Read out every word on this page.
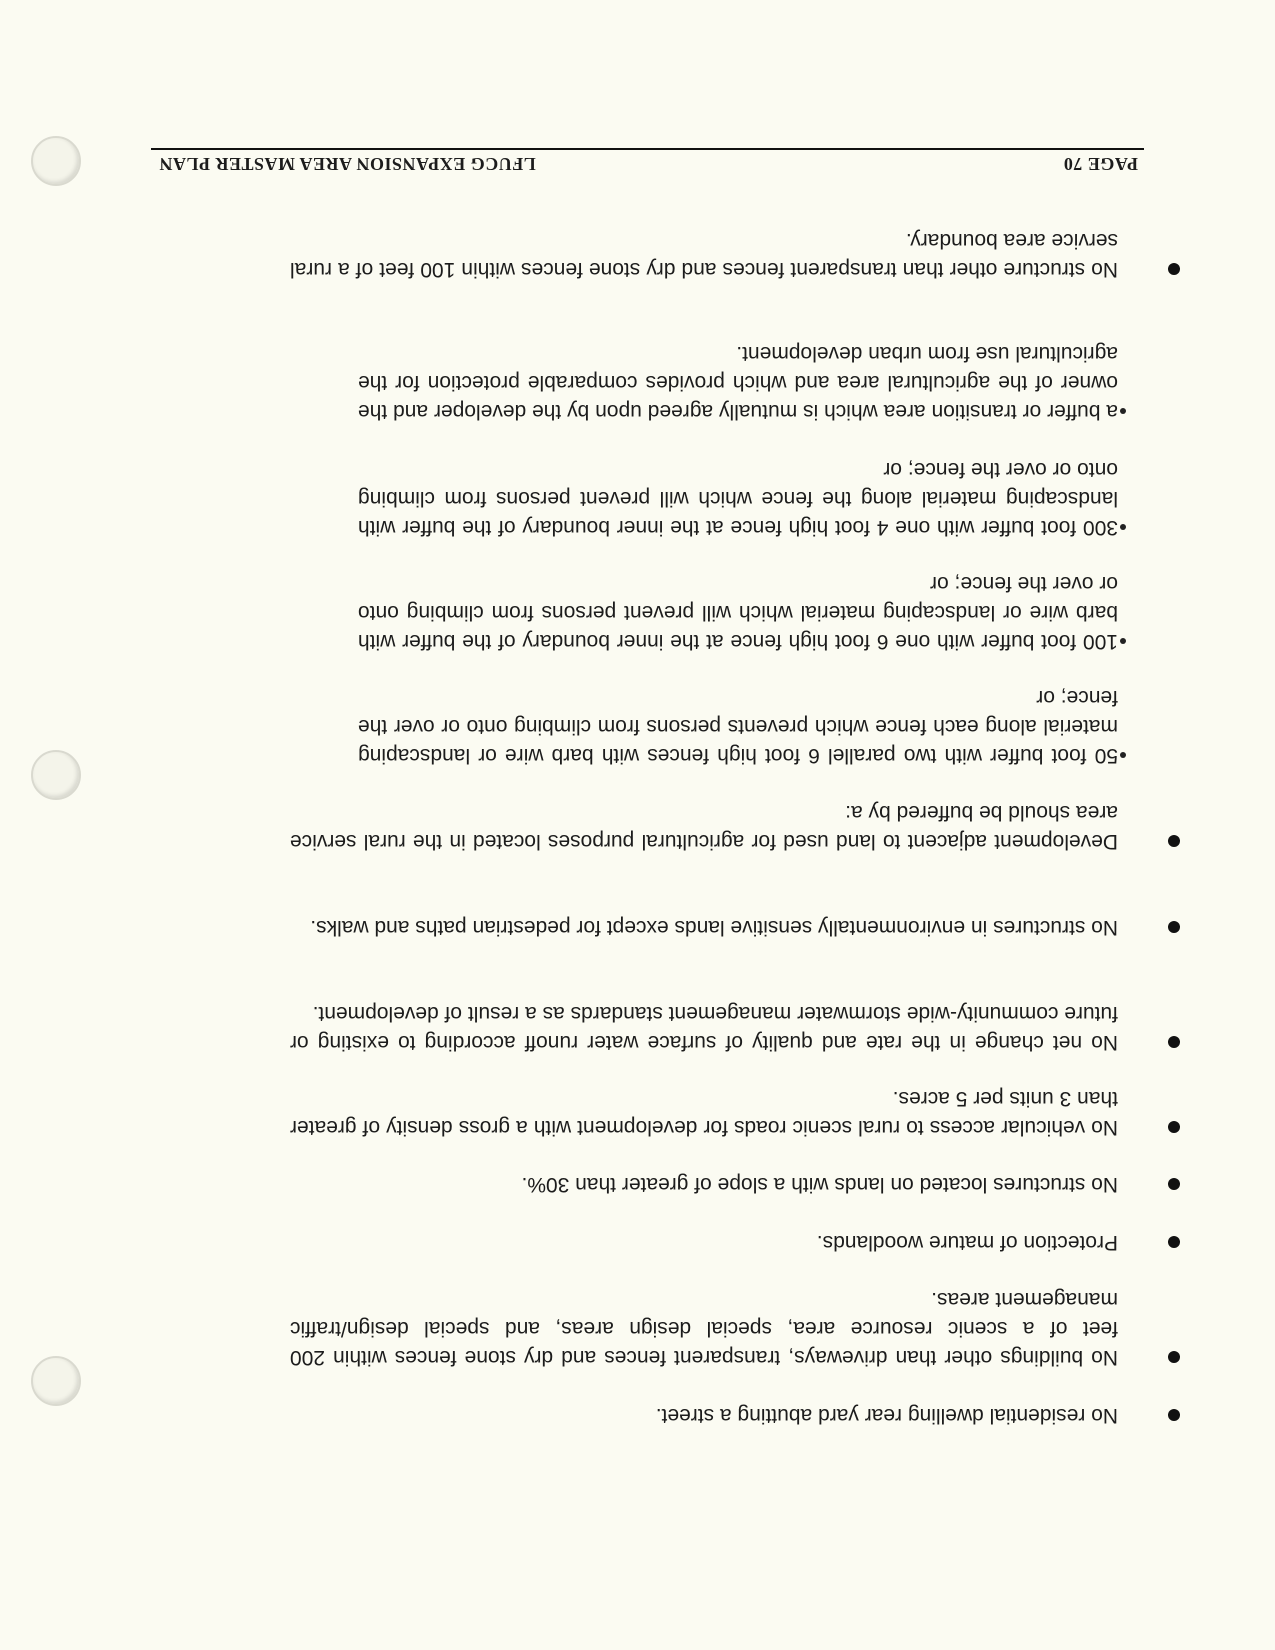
PAGE 70
LFUCG EXPANSION AREA MASTER PLAN
No residential dwelling rear yard abutting a street.
No buildings other than driveways, transparent fences and dry stone fences within 200 feet of a scenic resource area, special design areas, and special design/traffic management areas.
Protection of mature woodlands.
No structures located on lands with a slope of greater than 30%.
No vehicular access to rural scenic roads for development with a gross density of greater than 3 units per 5 acres.
No net change in the rate and quality of surface water runoff according to existing or future community-wide stormwater management standards as a result of development.
No structures in environmentally sensitive lands except for pedestrian paths and walks.
Development adjacent to land used for agricultural purposes located in the rural service area should be buffered by a:
50 foot buffer with two parallel 6 foot high fences with barb wire or landscaping material along each fence which prevents persons from climbing onto or over the fence; or
100 foot buffer with one 6 foot high fence at the inner boundary of the buffer with barb wire or landscaping material which will prevent persons from climbing onto or over the fence; or
300 foot buffer with one 4 foot high fence at the inner boundary of the buffer with landscaping material along the fence which will prevent persons from climbing onto or over the fence; or
a buffer or transition area which is mutually agreed upon by the developer and the owner of the agricultural area and which provides comparable protection for the agricultural use from urban development.
No structure other than transparent fences and dry stone fences within 100 feet of a rural service area boundary.
